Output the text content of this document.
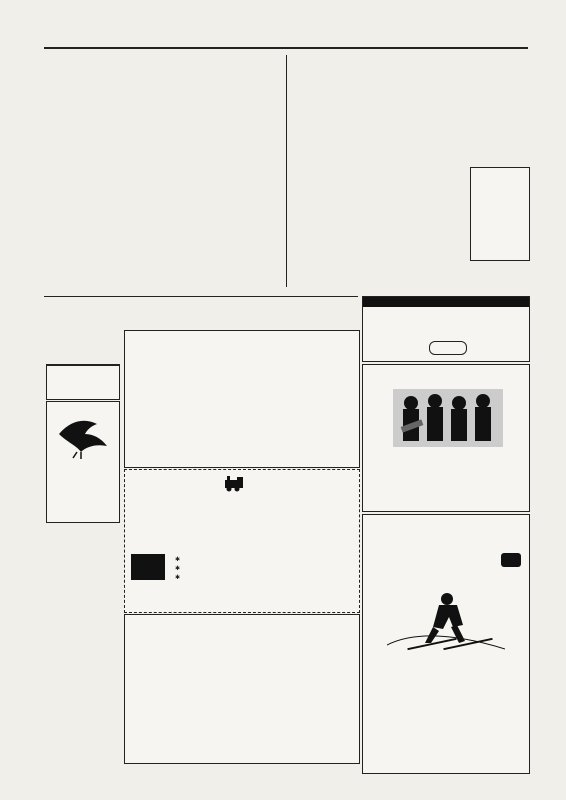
✱
✱
✱
